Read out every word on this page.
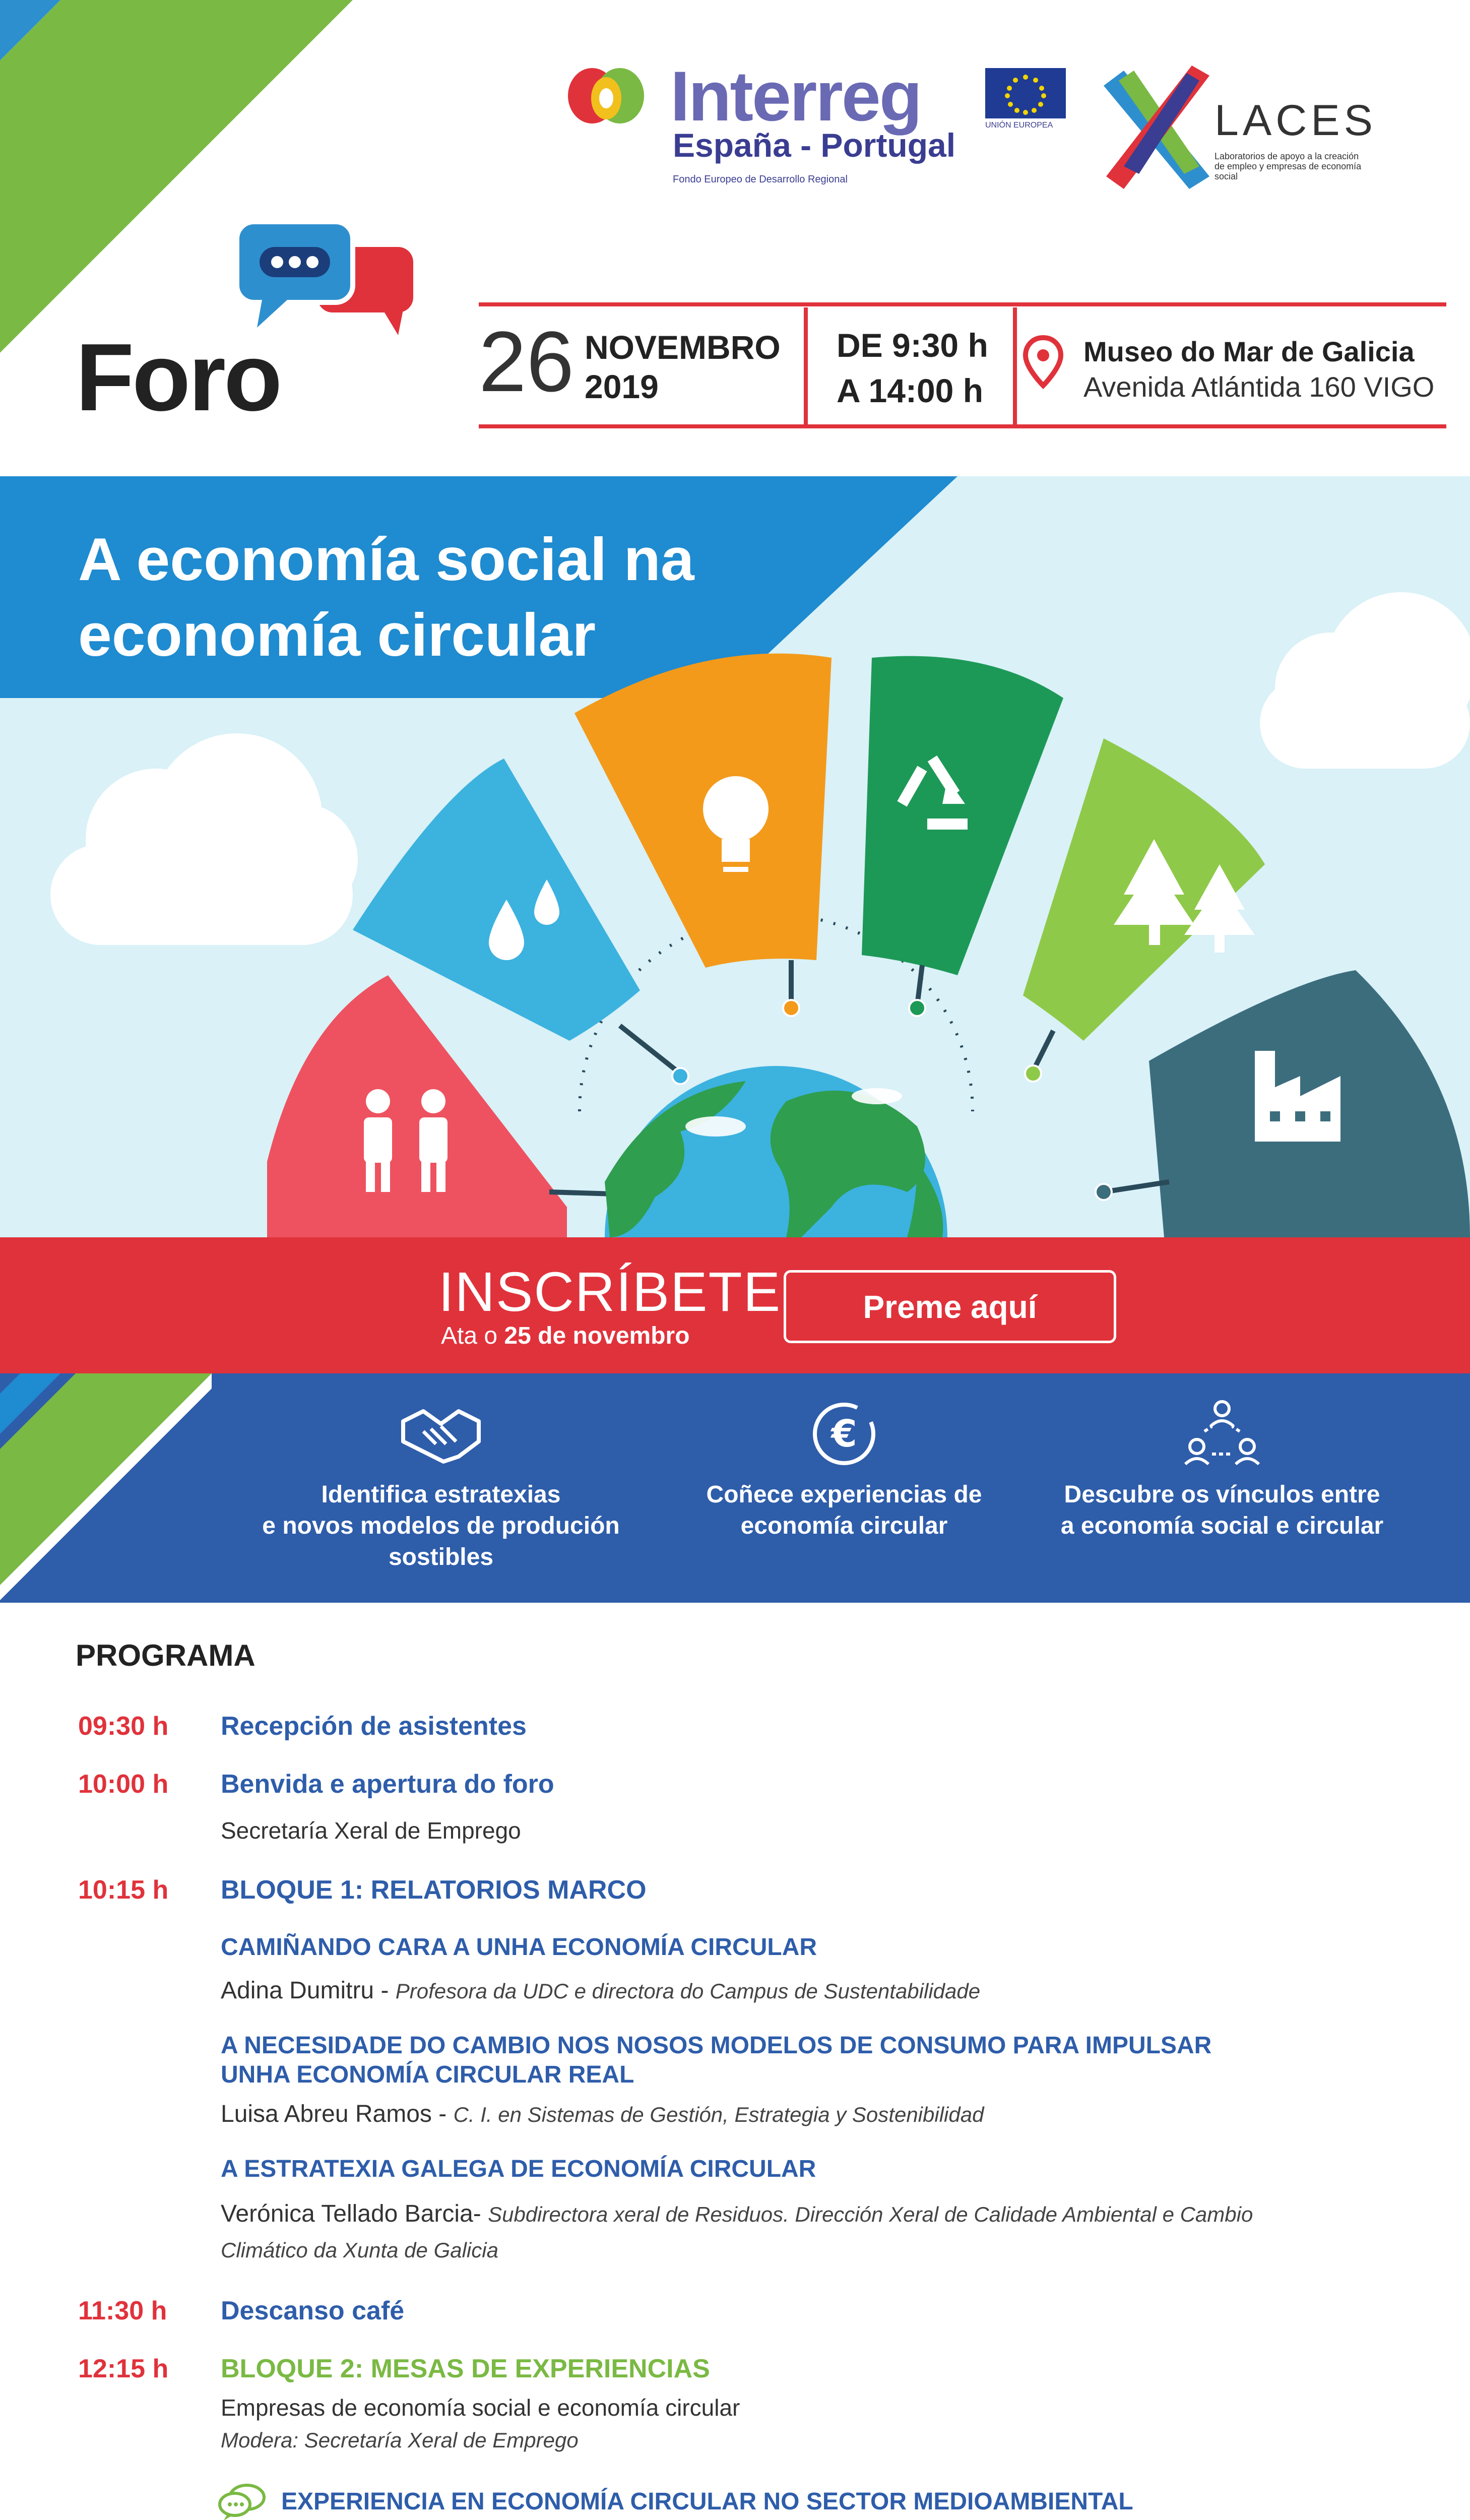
Foro 26 NOVEMBRO
2019
DE 9:30 h
A 14:00 h
Museo do Mar de Galicia
Avenida Atlántida 160 VIGO
Interreg
España - Portugal
Fondo Europeo de Desarrollo Regional
UNIÓN EUROPEA	LACES
Laboratorios de apoyo a la creación de empleo y empresas de economía social
A economía social na
economía circular
INSCRÍBETE
Ata o 25 de novembro
Preme aquí
Identifica estratexias
e novos modelos de produción sostibles
€
Coñece experiencias de
economía circular
Descubre os vínculos entre
a economía social e circular
PROGRAMA
09:30 h Recepción de asistentes
10:00 h Benvida e apertura do foro
Secretaría Xeral de Emprego
10:15 h BLOQUE 1: RELATORIOS MARCO
CAMIÑANDO CARA A UNHA ECONOMÍA CIRCULAR
Adina Dumitru - Profesora da UDC e directora do Campus de Sustentabilidade
A NECESIDADE DO CAMBIO NOS NOSOS MODELOS DE CONSUMO PARA IMPULSAR UNHA ECONOMÍA CIRCULAR REAL
Luisa Abreu Ramos - C. I. en Sistemas de Gestión, Estrategia y Sostenibilidad
A ESTRATEXIA GALEGA DE ECONOMÍA CIRCULAR
Verónica Tellado Barcia- Subdirectora xeral de Residuos. Dirección Xeral de Calidade Ambiental e Cambio Climático da Xunta de Galicia
11:30 h Descanso café
12:15 h BLOQUE 2: MESAS DE EXPERIENCIAS
Empresas de economía social e economía circular
Modera: Secretaría Xeral de Emprego
EXPERIENCIA EN ECONOMÍA CIRCULAR NO SECTOR MEDIOAMBIENTAL
